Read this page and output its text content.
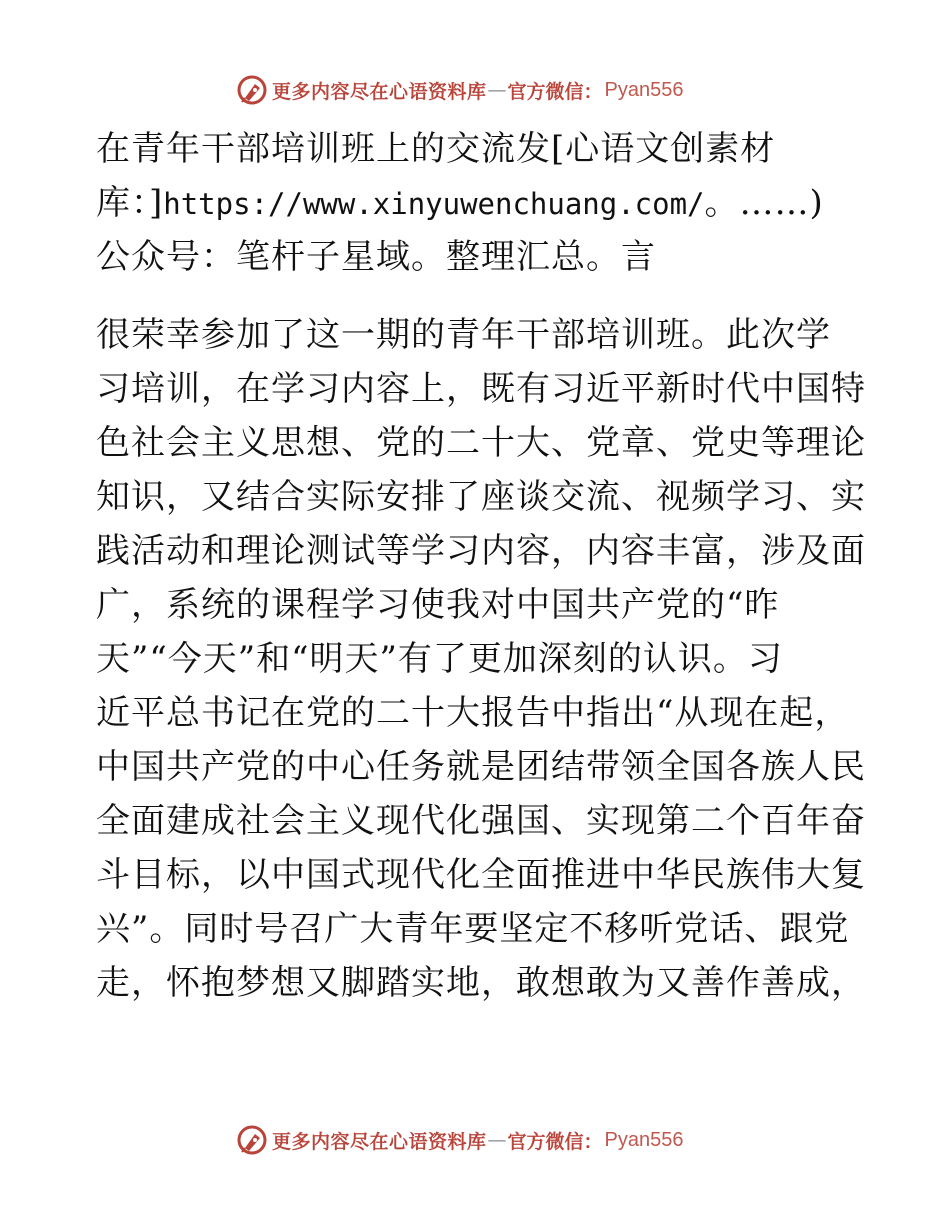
更多内容尽在心语资料库 — 官方微信： Pyan556
在青年干部培训班上的交流发[心语文创素材
库：]https://www.xinyuwenchuang.com/。……)
公众号：笔杆子星域。整理汇总。言
很荣幸参加了这一期的青年干部培训班。此次学
习培训，在学习内容上，既有习近平新时代中国特
色社会主义思想、党的二十大、党章、党史等理论
知识，又结合实际安排了座谈交流、视频学习、实
践活动和理论测试等学习内容，内容丰富，涉及面
广，系统的课程学习使我对中国共产党的“昨
天”“今天”和“明天”有了更加深刻的认识。习
近平总书记在党的二十大报告中指出“从现在起，
中国共产党的中心任务就是团结带领全国各族人民
全面建成社会主义现代化强国、实现第二个百年奋
斗目标，以中国式现代化全面推进中华民族伟大复
兴”。同时号召广大青年要坚定不移听党话、跟党
走，怀抱梦想又脚踏实地，敢想敢为又善作善成，
更多内容尽在心语资料库 — 官方微信： Pyan556
